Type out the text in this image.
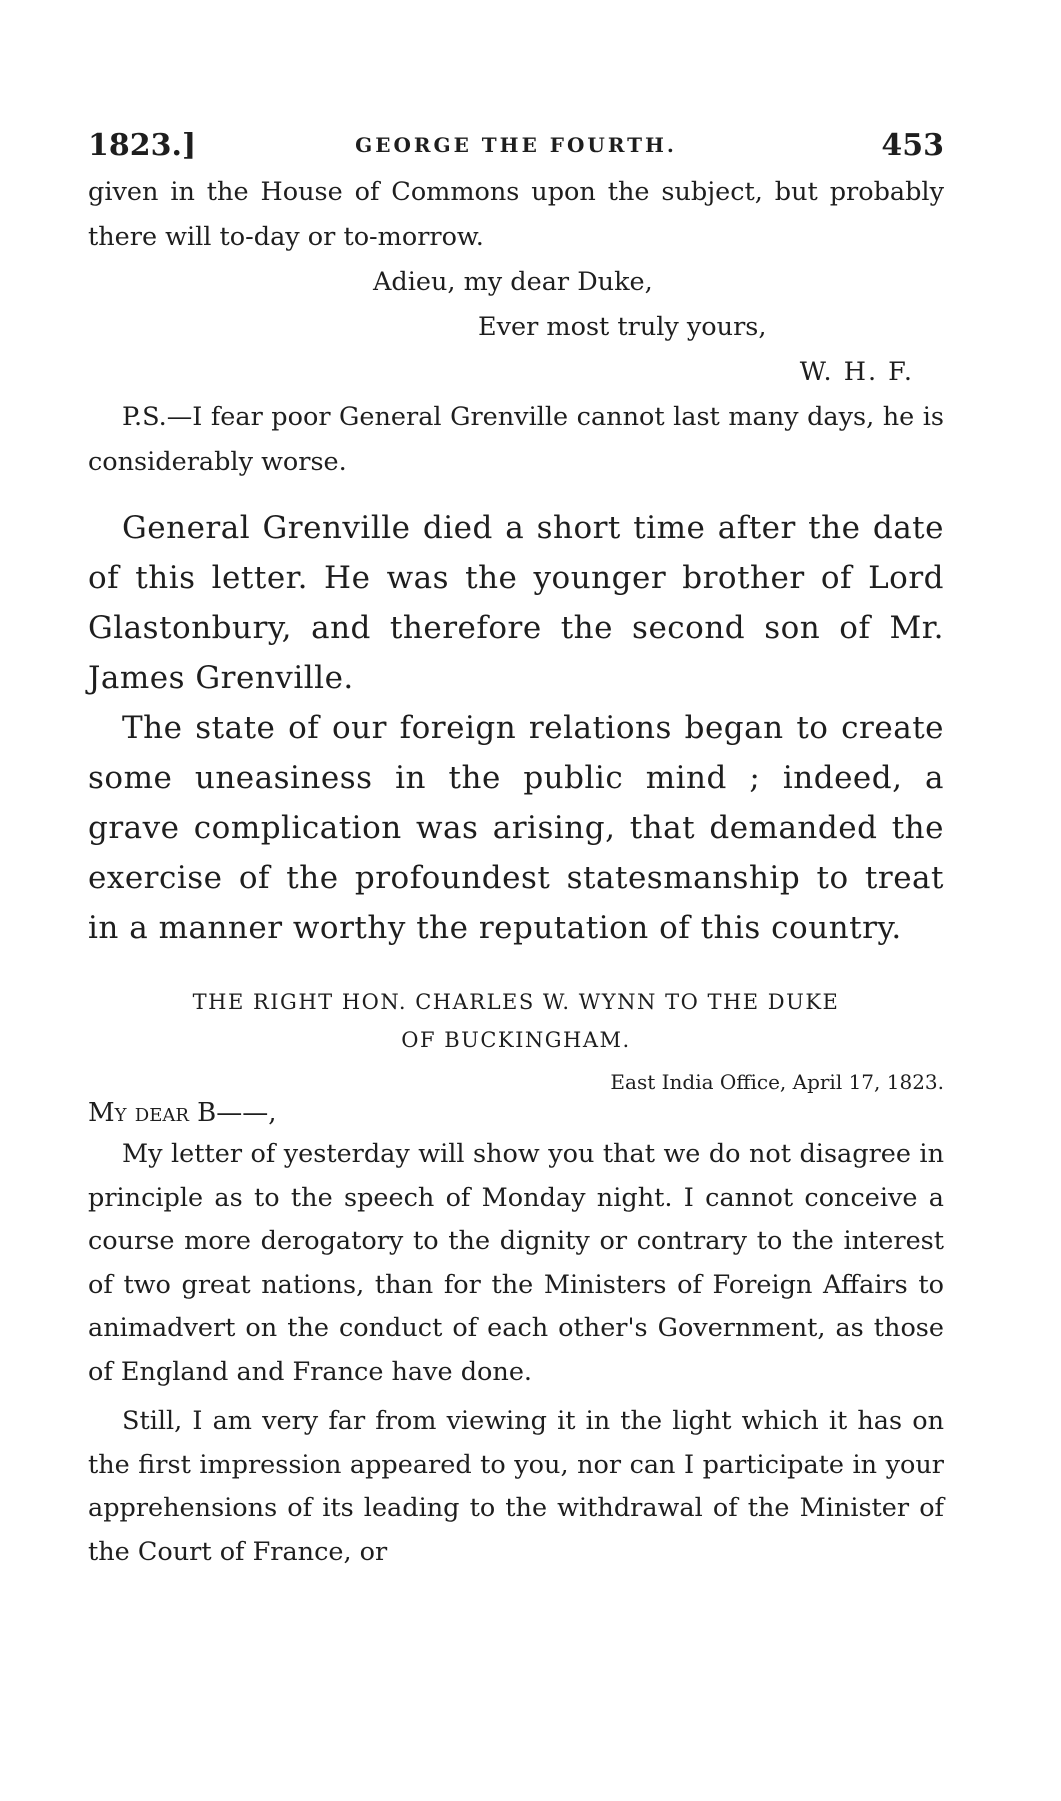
1823.]	GEORGE THE FOURTH.	453

given in the House of Commons upon the subject, but probably there will to-day or to-morrow.

Adieu, my dear Duke,

Ever most truly yours,

W. H. F.

P.S.—I fear poor General Grenville cannot last many days, he is considerably worse.

General Grenville died a short time after the date of this letter. He was the younger brother of Lord Glastonbury, and therefore the second son of Mr. James Grenville.

The state of our foreign relations began to create some uneasiness in the public mind ; indeed, a grave complication was arising, that demanded the exercise of the profoundest statesmanship to treat in a manner worthy the reputation of this country.

THE RIGHT HON. CHARLES W. WYNN TO THE DUKE
OF BUCKINGHAM.
East India Office, April 17, 1823.
My dear B——,

My letter of yesterday will show you that we do not disagree in principle as to the speech of Monday night. I cannot conceive a course more derogatory to the dignity or contrary to the interest of two great nations, than for the Ministers of Foreign Affairs to animadvert on the conduct of each other's Government, as those of England and France have done.

Still, I am very far from viewing it in the light which it has on the first impression appeared to you, nor can I participate in your apprehensions of its leading to the withdrawal of the Minister of the Court of France, or
